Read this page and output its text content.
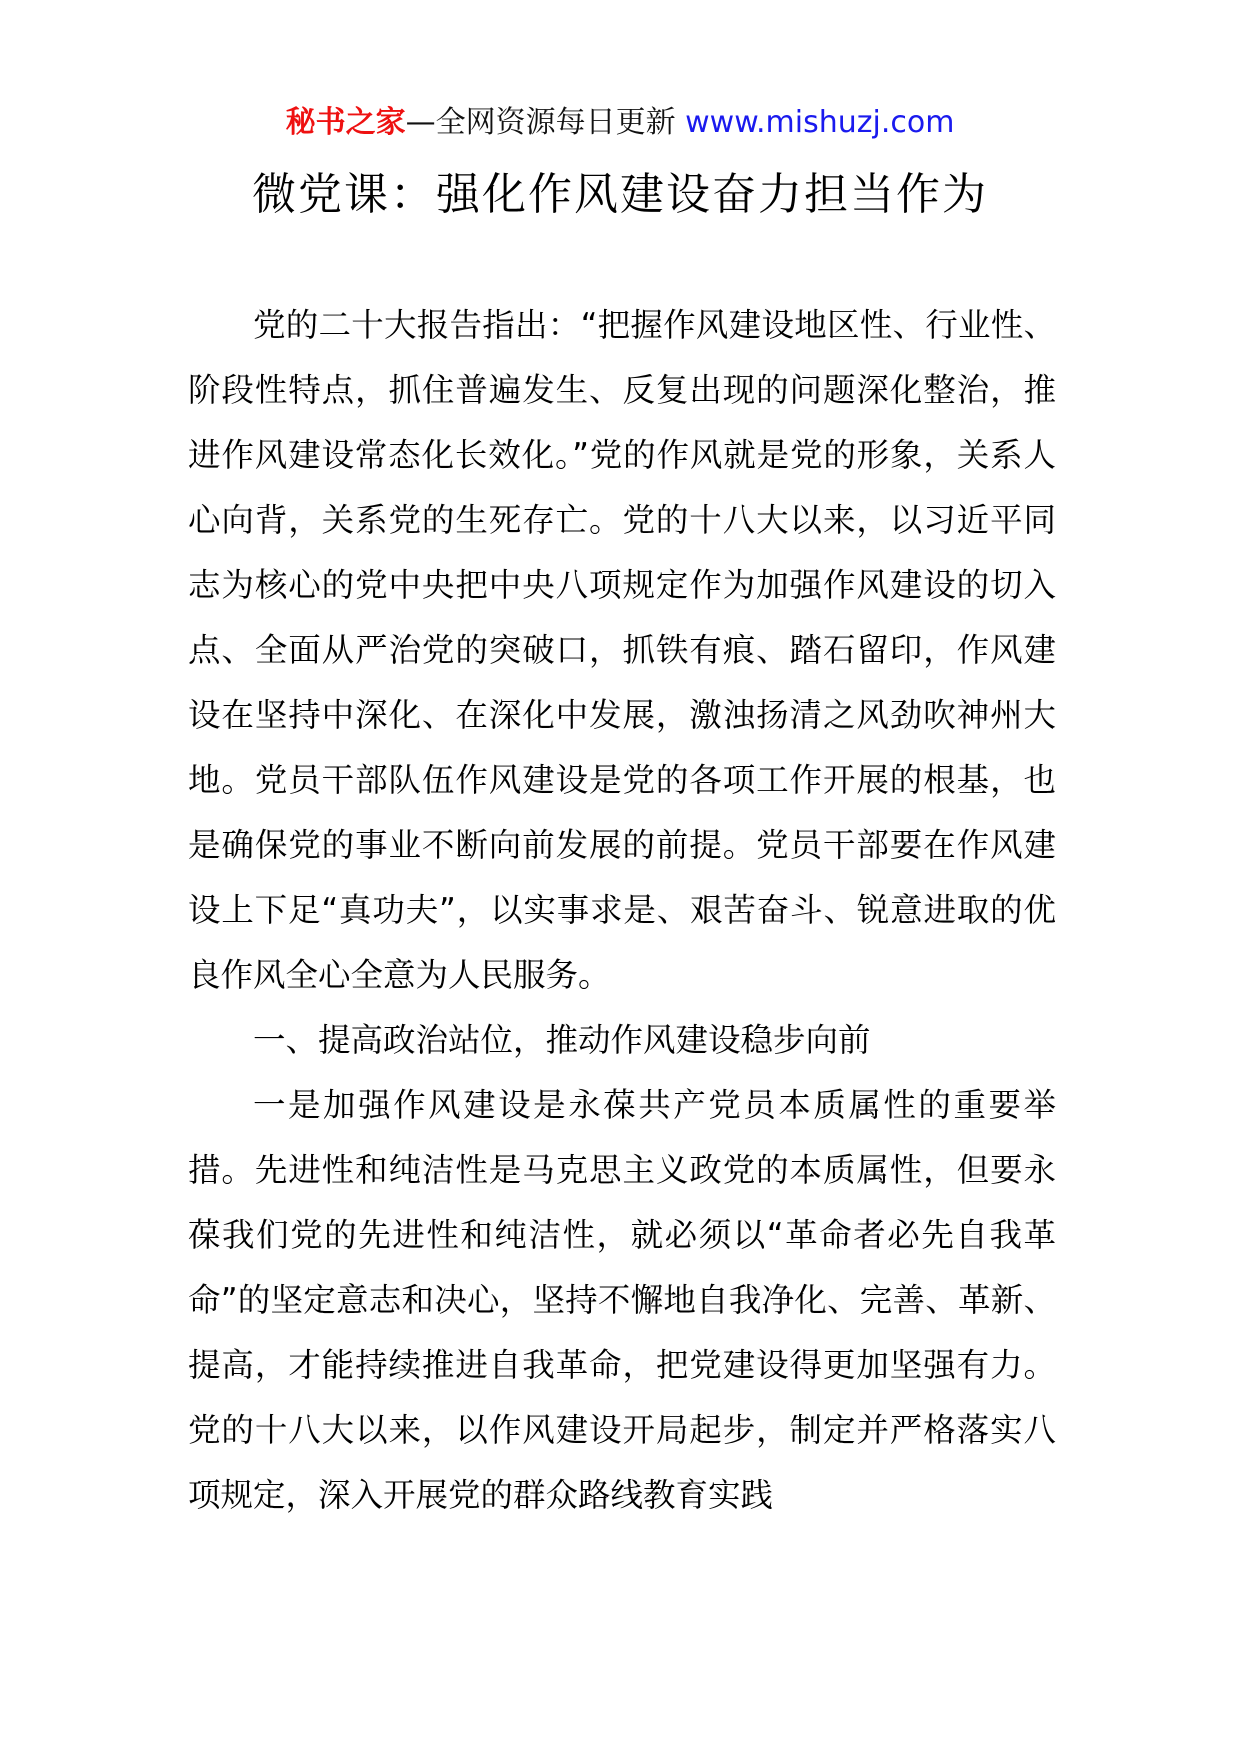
秘书之家—全网资源每日更新 www.mishuzj.com
微党课：强化作风建设奋力担当作为

党的二十大报告指出：“把握作风建设地区性、行业性、阶段性特点，抓住普遍发生、反复出现的问题深化整治，推进作风建设常态化长效化。”党的作风就是党的形象，关系人心向背，关系党的生死存亡。党的十八大以来，以习近平同志为核心的党中央把中央八项规定作为加强作风建设的切入点、全面从严治党的突破口，抓铁有痕、踏石留印，作风建设在坚持中深化、在深化中发展，激浊扬清之风劲吹神州大地。党员干部队伍作风建设是党的各项工作开展的根基，也是确保党的事业不断向前发展的前提。党员干部要在作风建设上下足“真功夫”，以实事求是、艰苦奋斗、锐意进取的优良作风全心全意为人民服务。

一、提高政治站位，推动作风建设稳步向前

一是加强作风建设是永葆共产党员本质属性的重要举措。先进性和纯洁性是马克思主义政党的本质属性，但要永葆我们党的先进性和纯洁性，就必须以“革命者必先自我革命”的坚定意志和决心，坚持不懈地自我净化、完善、革新、提高，才能持续推进自我革命，把党建设得更加坚强有力。党的十八大以来，以作风建设开局起步，制定并严格落实八项规定，深入开展党的群众路线教育实践
